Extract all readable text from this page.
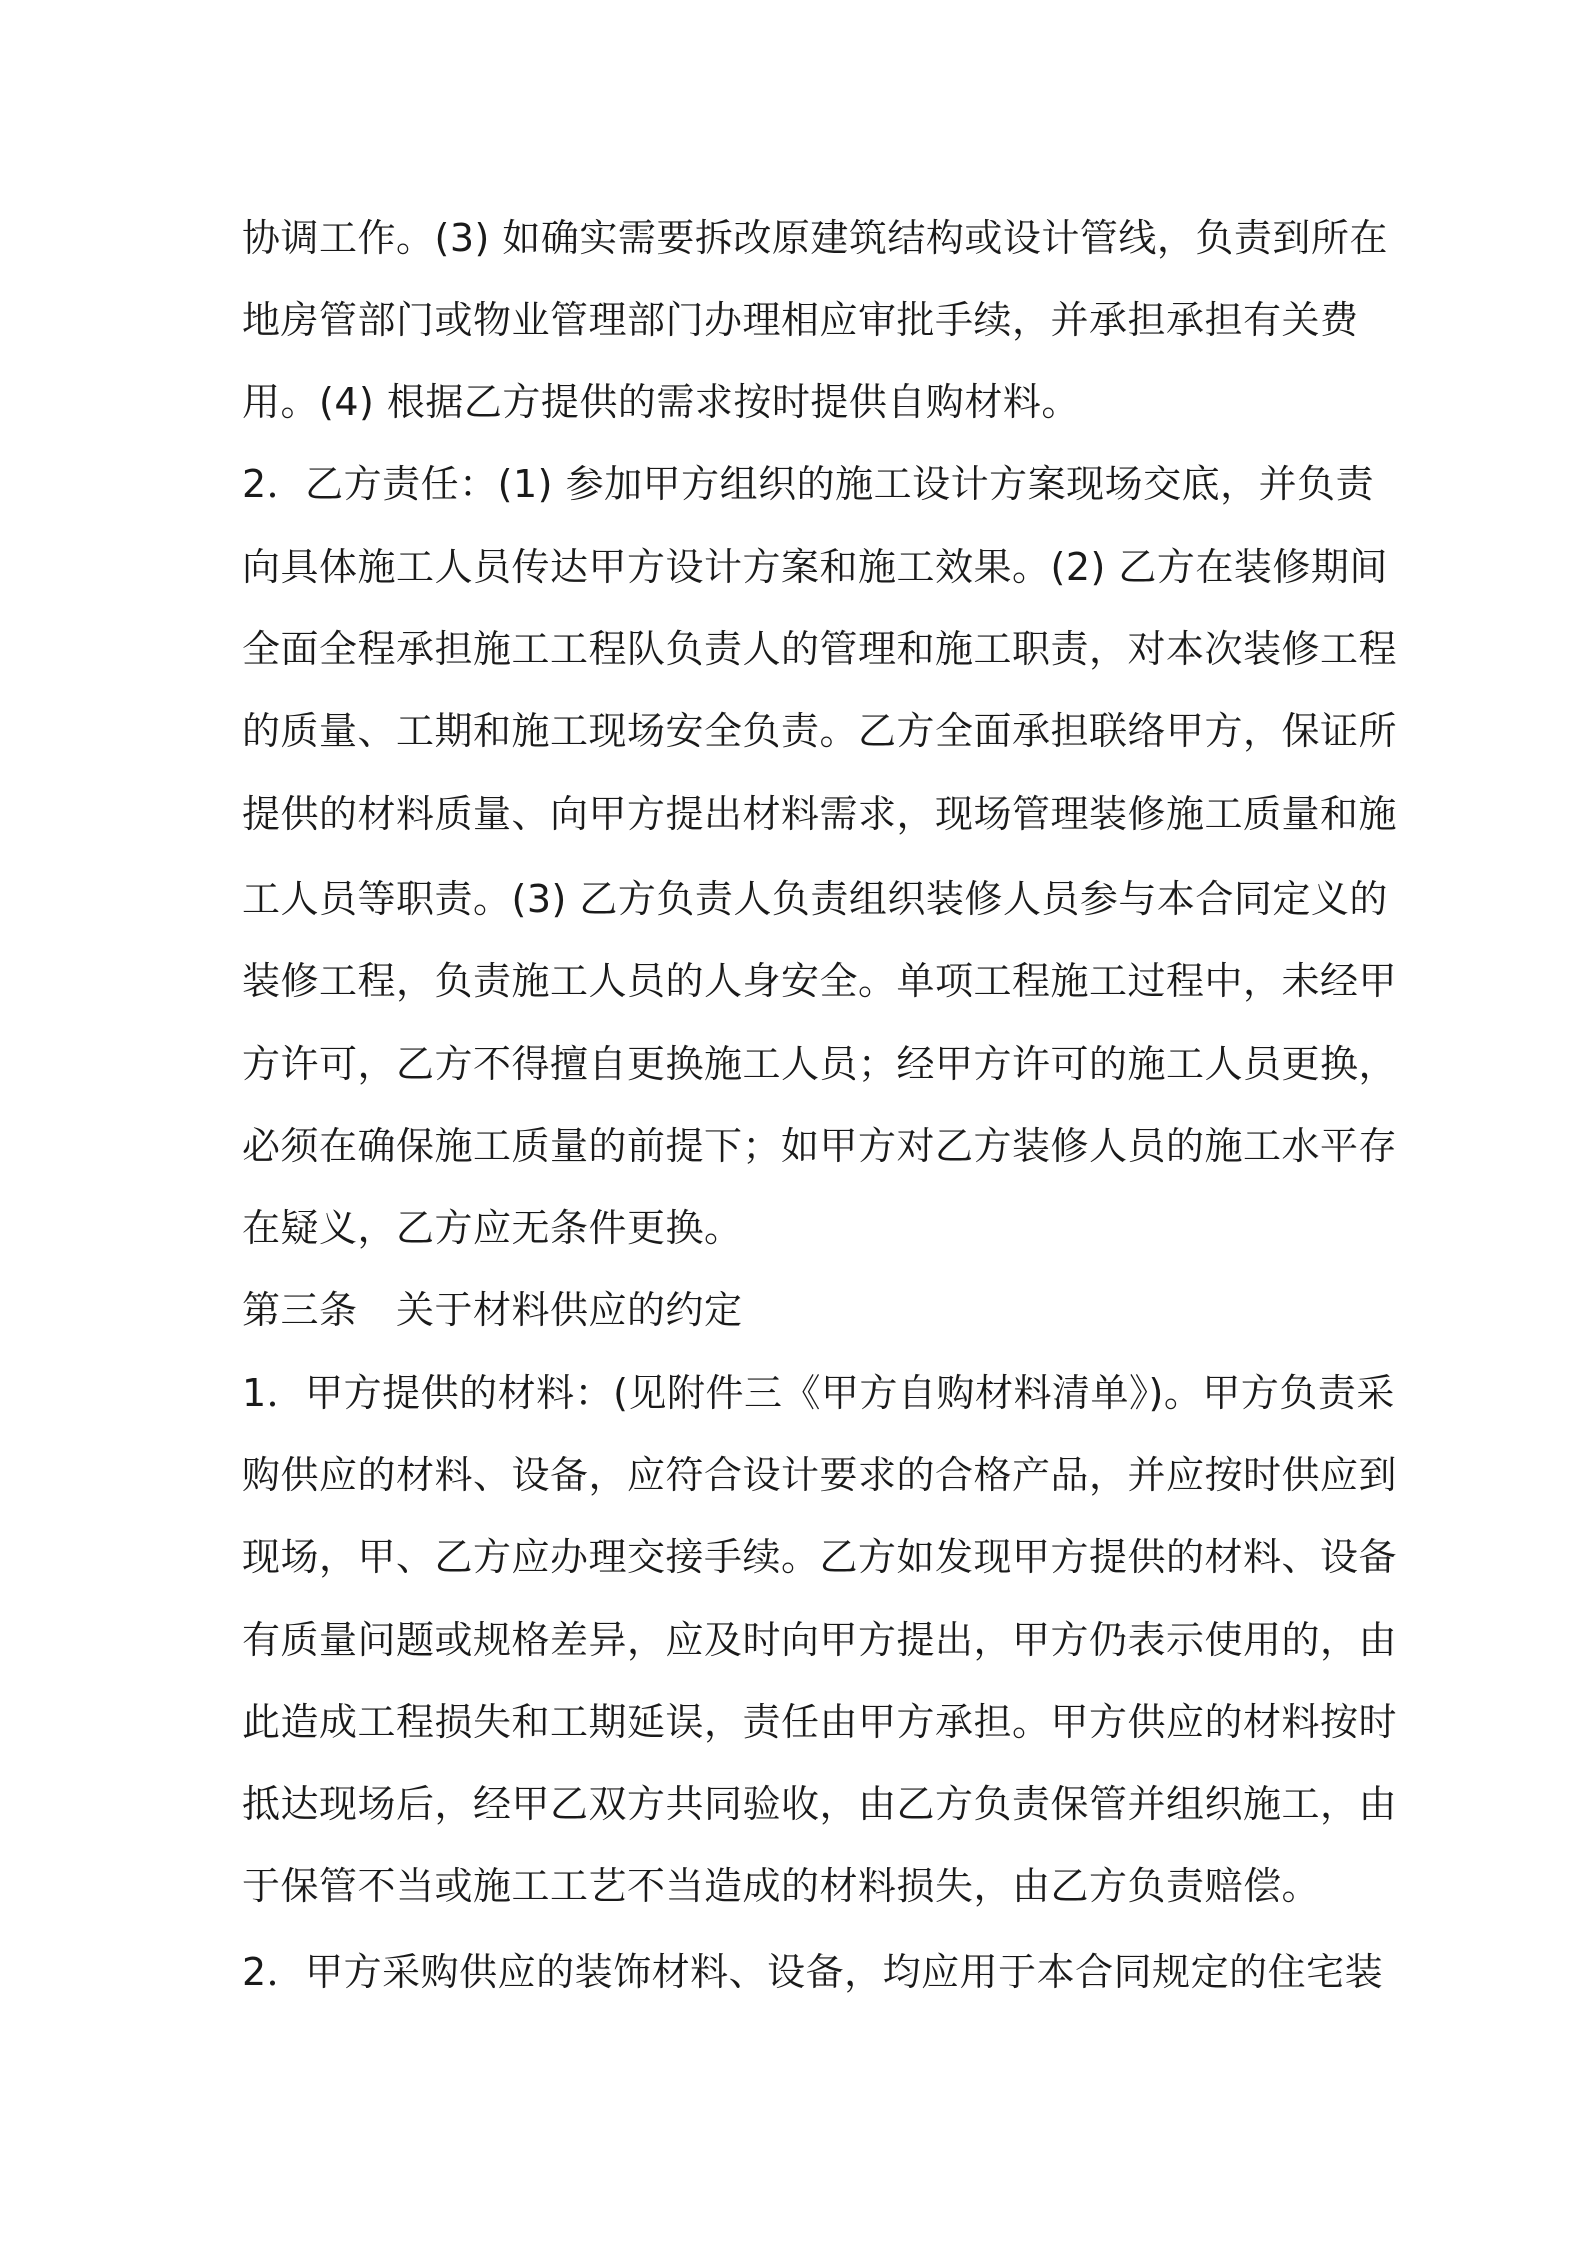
协调工作。(3) 如确实需要拆改原建筑结构或设计管线，负责到所在
地房管部门或物业管理部门办理相应审批手续，并承担承担有关费
用。(4) 根据乙方提供的需求按时提供自购材料。
2．乙方责任：(1) 参加甲方组织的施工设计方案现场交底，并负责
向具体施工人员传达甲方设计方案和施工效果。(2) 乙方在装修期间
全面全程承担施工工程队负责人的管理和施工职责，对本次装修工程
的质量、工期和施工现场安全负责。乙方全面承担联络甲方，保证所
提供的材料质量、向甲方提出材料需求，现场管理装修施工质量和施
工人员等职责。(3) 乙方负责人负责组织装修人员参与本合同定义的
装修工程，负责施工人员的人身安全。单项工程施工过程中，未经甲
方许可，乙方不得擅自更换施工人员；经甲方许可的施工人员更换，
必须在确保施工质量的前提下；如甲方对乙方装修人员的施工水平存
在疑义，乙方应无条件更换。
第三条　关于材料供应的约定
1．甲方提供的材料：(见附件三《甲方自购材料清单》)。甲方负责采
购供应的材料、设备，应符合设计要求的合格产品，并应按时供应到
现场，甲、乙方应办理交接手续。乙方如发现甲方提供的材料、设备
有质量问题或规格差异，应及时向甲方提出，甲方仍表示使用的，由
此造成工程损失和工期延误，责任由甲方承担。甲方供应的材料按时
抵达现场后，经甲乙双方共同验收，由乙方负责保管并组织施工，由
于保管不当或施工工艺不当造成的材料损失，由乙方负责赔偿。
2．甲方采购供应的装饰材料、设备，均应用于本合同规定的住宅装
